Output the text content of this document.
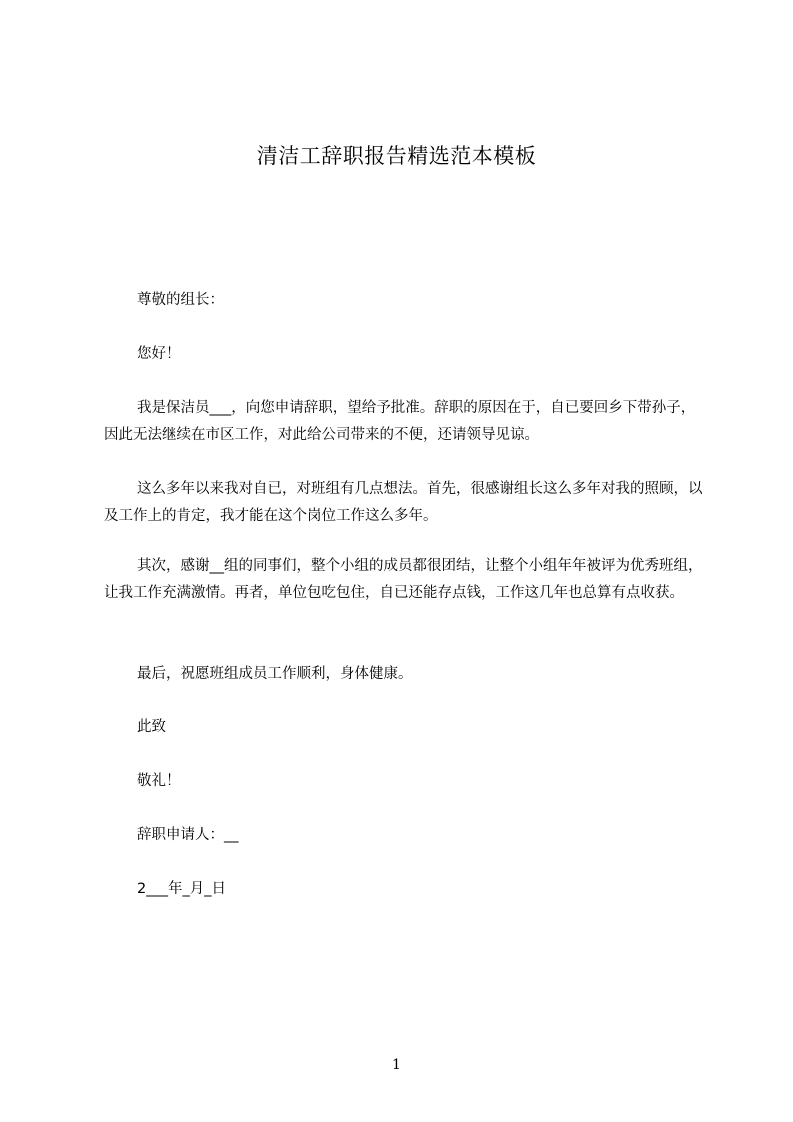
清洁工辞职报告精选范本模板
尊敬的组长：
您好！
我是保洁员___，向您申请辞职，望给予批准。辞职的原因在于，自已要回乡下带孙子，因此无法继续在市区工作，对此给公司带来的不便，还请领导见谅。
这么多年以来我对自已，对班组有几点想法。首先，很感谢组长这么多年对我的照顾，以及工作上的肯定，我才能在这个岗位工作这么多年。
其次，感谢__组的同事们，整个小组的成员都很团结，让整个小组年年被评为优秀班组，让我工作充满激情。再者，单位包吃包住，自已还能存点钱，工作这几年也总算有点收获。
最后，祝愿班组成员工作顺利，身体健康。
此致
敬礼！
辞职申请人：__
2___年_月_日
1
